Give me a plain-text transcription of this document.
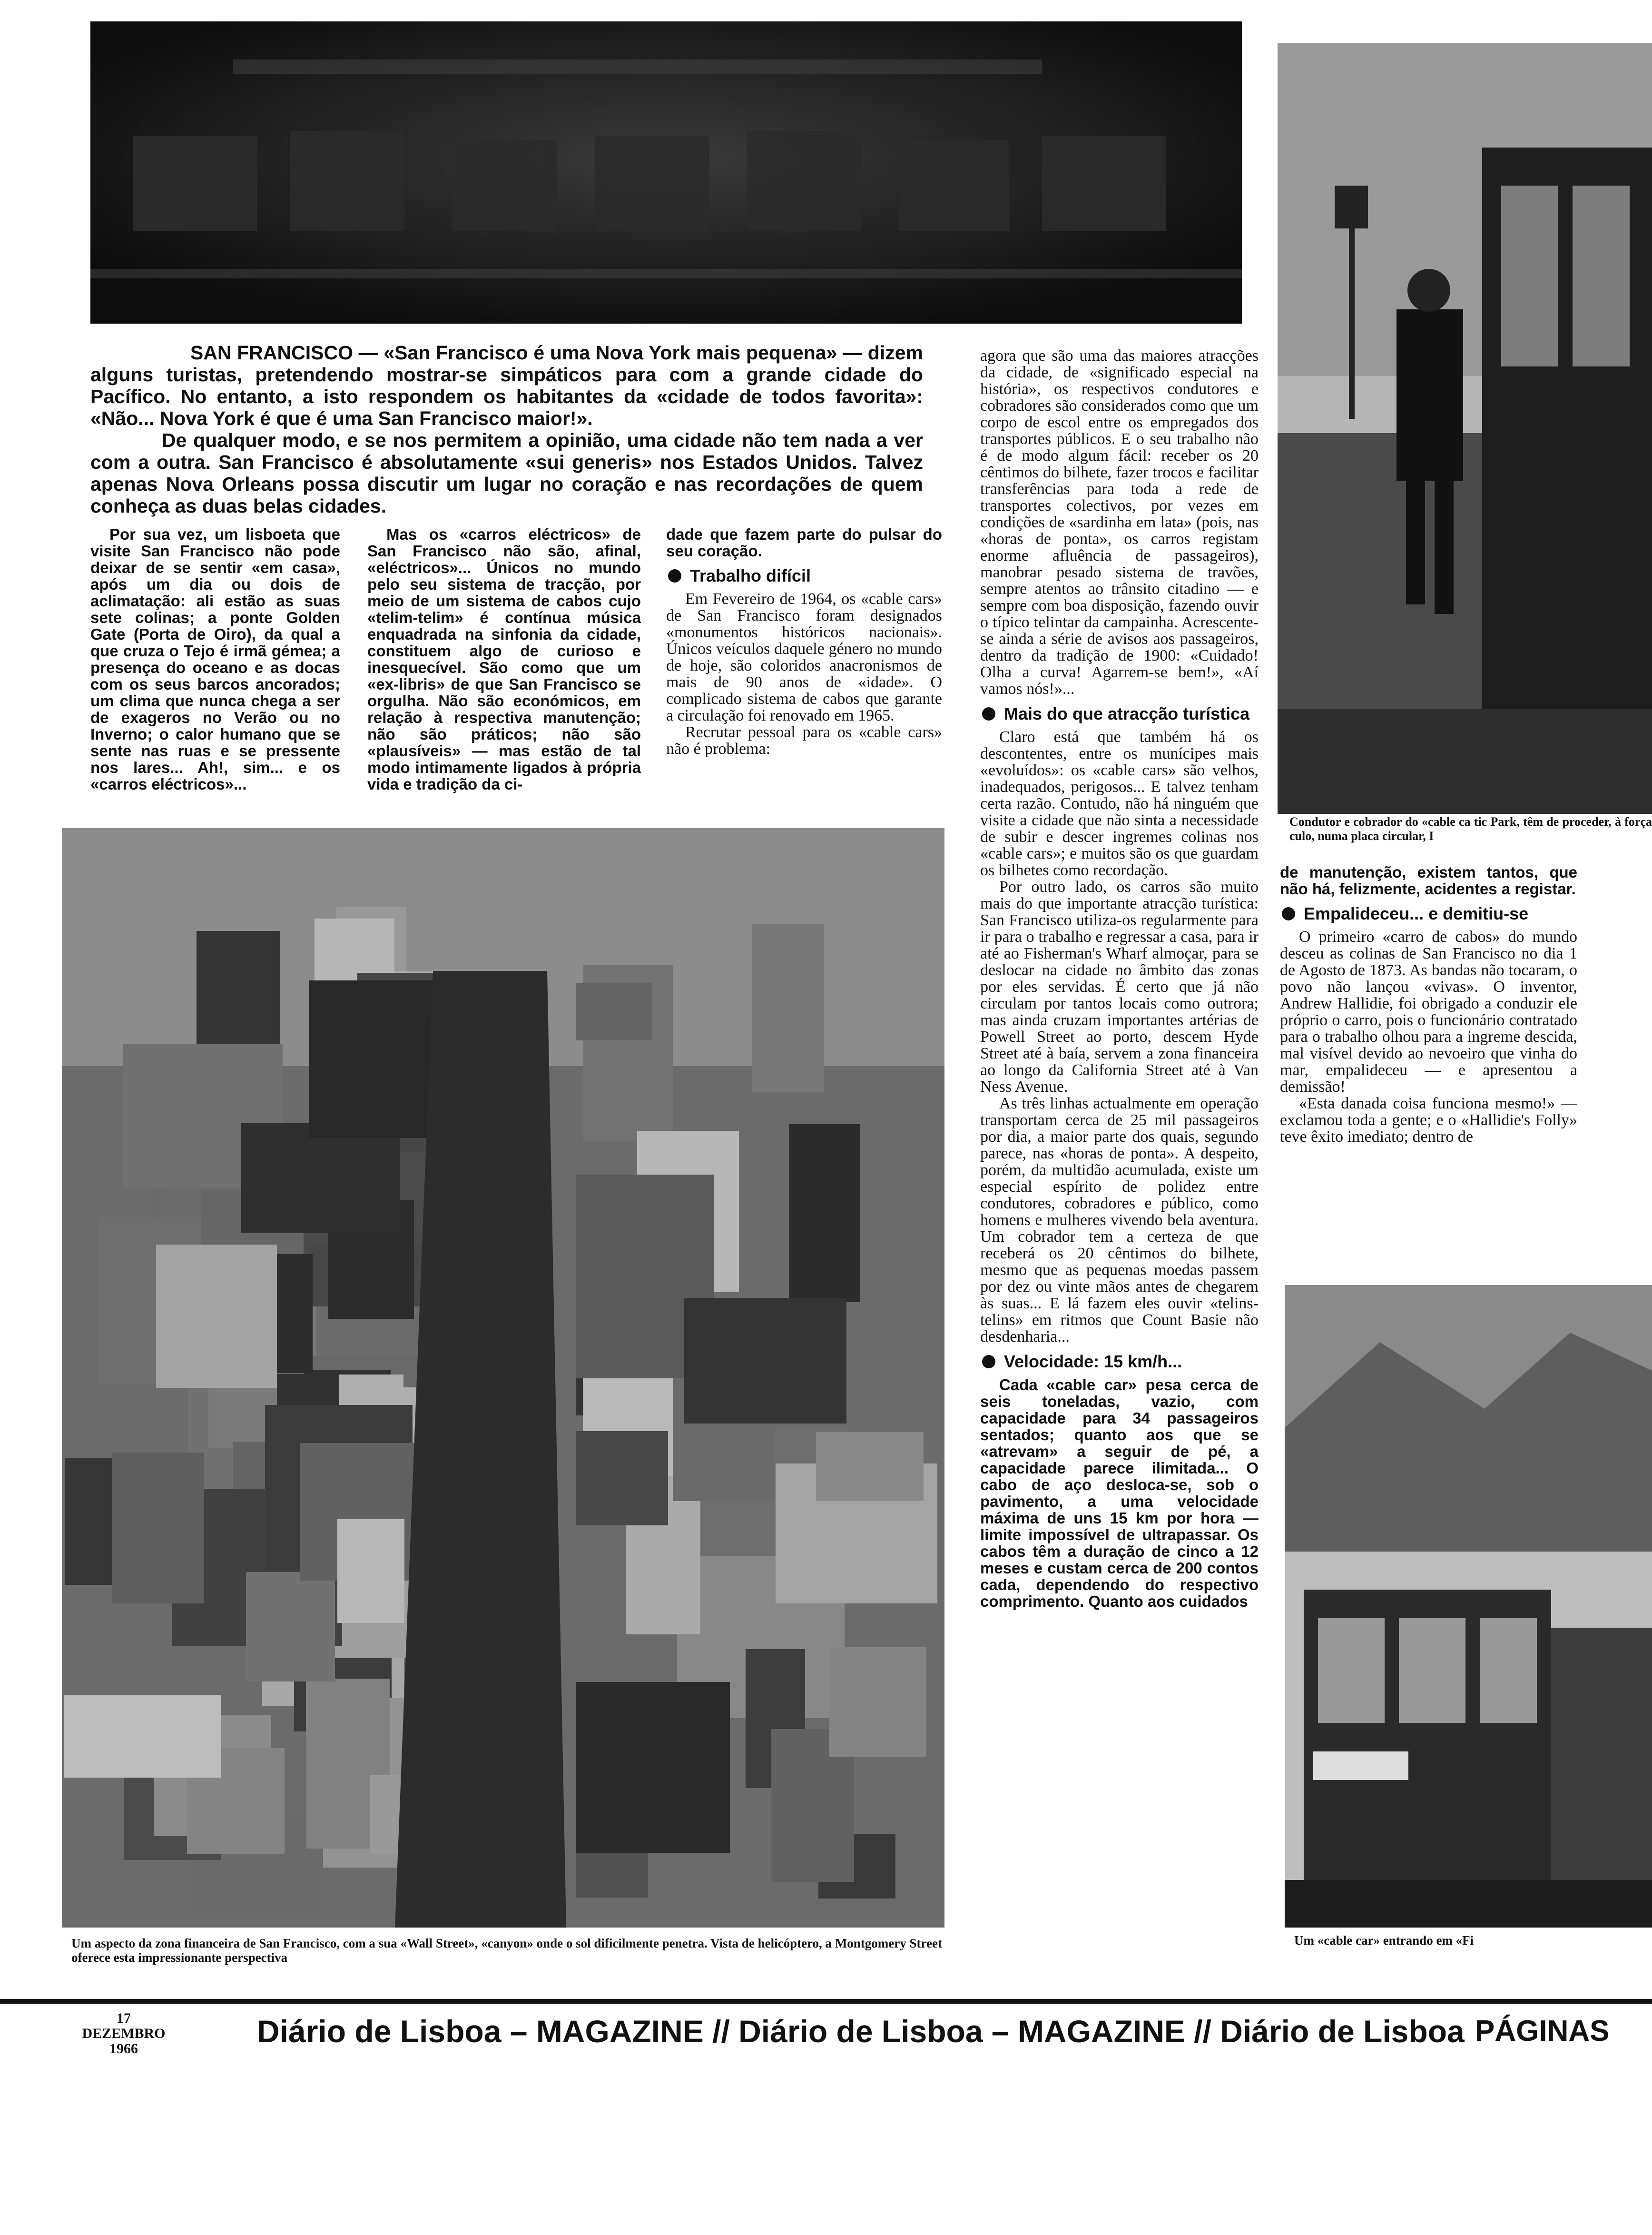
SAN FRANCISCO — «San Francisco é uma Nova York mais pequena» — dizem alguns turistas, pretendendo mostrar-se simpáticos para com a grande cidade do Pacífico. No entanto, a isto respondem os habitantes da «cidade de todos favorita»: «Não... Nova York é que é uma San Francisco maior!».

De qualquer modo, e se nos permitem a opinião, uma cidade não tem nada a ver com a outra. San Francisco é absolutamente «sui generis» nos Estados Unidos. Talvez apenas Nova Orleans possa discutir um lugar no coração e nas recordações de quem conheça as duas belas cidades.

Por sua vez, um lisboeta que visite San Francisco não pode deixar de se sentir «em casa», após um dia ou dois de aclimatação: ali estão as suas sete colinas; a ponte Golden Gate (Porta de Oiro), da qual a que cruza o Tejo é irmã gémea; a presença do oceano e as docas com os seus barcos ancorados; um clima que nunca chega a ser de exageros no Verão ou no Inverno; o calor humano que se sente nas ruas e se pressente nos lares... Ah!, sim... e os «carros eléctricos»...

Mas os «carros eléctricos» de San Francisco não são, afinal, «eléctricos»... Únicos no mundo pelo seu sistema de tracção, por meio de um sistema de cabos cujo «telim-telim» é contínua música enquadrada na sinfonia da cidade, constituem algo de curioso e inesquecível. São como que um «ex-libris» de que San Francisco se orgulha. Não são económicos, em relação à respectiva manutenção; não são práticos; não são «plausíveis» — mas estão de tal modo intimamente ligados à própria vida e tradição da ci-

dade que fazem parte do pulsar do seu coração.

Trabalho difícil

Em Fevereiro de 1964, os «cable cars» de San Francisco foram designados «monumentos históricos nacionais». Únicos veículos daquele género no mundo de hoje, são coloridos anacronismos de mais de 90 anos de «idade». O complicado sistema de cabos que garante a circulação foi renovado em 1965.

Recrutar pessoal para os «cable cars» não é problema:

agora que são uma das maiores atracções da cidade, de «significado especial na história», os respectivos condutores e cobradores são considerados como que um corpo de escol entre os empregados dos transportes públicos. E o seu trabalho não é de modo algum fácil: receber os 20 cêntimos do bilhete, fazer trocos e facilitar transferências para toda a rede de transportes colectivos, por vezes em condições de «sardinha em lata» (pois, nas «horas de ponta», os carros registam enorme afluência de passageiros), manobrar pesado sistema de travões, sempre atentos ao trânsito citadino — e sempre com boa disposição, fazendo ouvir o típico telintar da campainha. Acrescente-se ainda a série de avisos aos passageiros, dentro da tradição de 1900: «Cuidado! Olha a curva! Agarrem-se bem!», «Aí vamos nós!»...

Mais do que atracção turística

Claro está que também há os descontentes, entre os munícipes mais «evoluídos»: os «cable cars» são velhos, inadequados, perigosos... E talvez tenham certa razão. Contudo, não há ninguém que visite a cidade que não sinta a necessidade de subir e descer ingremes colinas nos «cable cars»; e muitos são os que guardam os bilhetes como recordação.

Por outro lado, os carros são muito mais do que importante atracção turística: San Francisco utiliza-os regularmente para ir para o trabalho e regressar a casa, para ir até ao Fisherman's Wharf almoçar, para se deslocar na cidade no âmbito das zonas por eles servidas. É certo que já não circulam por tantos locais como outrora; mas ainda cruzam importantes artérias de Powell Street ao porto, descem Hyde Street até à baía, servem a zona financeira ao longo da California Street até à Van Ness Avenue.

As três linhas actualmente em operação transportam cerca de 25 mil passageiros por dia, a maior parte dos quais, segundo parece, nas «horas de ponta». A despeito, porém, da multidão acumulada, existe um especial espírito de polidez entre condutores, cobradores e público, como homens e mulheres vivendo bela aventura. Um cobrador tem a certeza de que receberá os 20 cêntimos do bilhete, mesmo que as pequenas moedas passem por dez ou vinte mãos antes de chegarem às suas... E lá fazem eles ouvir «telins-telins» em ritmos que Count Basie não desdenharia...

Velocidade: 15 km/h...

Cada «cable car» pesa cerca de seis toneladas, vazio, com capacidade para 34 passageiros sentados; quanto aos que se «atrevam» a seguir de pé, a capacidade parece ilimitada... O cabo de aço desloca-se, sob o pavimento, a uma velocidade máxima de uns 15 km por hora — limite impossível de ultrapassar. Os cabos têm a duração de cinco a 12 meses e custam cerca de 200 contos cada, dependendo do respectivo comprimento. Quanto aos cuidados

Condutor e cobrador do «cable ca tic Park, têm de proceder, à força culo, numa placa circular, I

de manutenção, existem tantos, que não há, felizmente, acidentes a registar.

Empalideceu... e demitiu-se

O primeiro «carro de cabos» do mundo desceu as colinas de San Francisco no dia 1 de Agosto de 1873. As bandas não tocaram, o povo não lançou «vivas». O inventor, Andrew Hallidie, foi obrigado a conduzir ele próprio o carro, pois o funcionário contratado para o trabalho olhou para a ingreme descida, mal visível devido ao nevoeiro que vinha do mar, empalideceu — e apresentou a demissão!

«Esta danada coisa funciona mesmo!» — exclamou toda a gente; e o «Hallidie's Folly» teve êxito imediato; dentro de

Um «cable car» entrando em «Fi
Um aspecto da zona financeira de San Francisco, com a sua «Wall Street», «canyon» onde o sol dificilmente penetra. Vista de helicóptero, a Montgomery Street oferece esta impressionante perspectiva
17
DEZEMBRO
1966	Diário de Lisboa – MAGAZINE // Diário de Lisboa – MAGAZINE // Diário de Lisboa PÁGINAS
